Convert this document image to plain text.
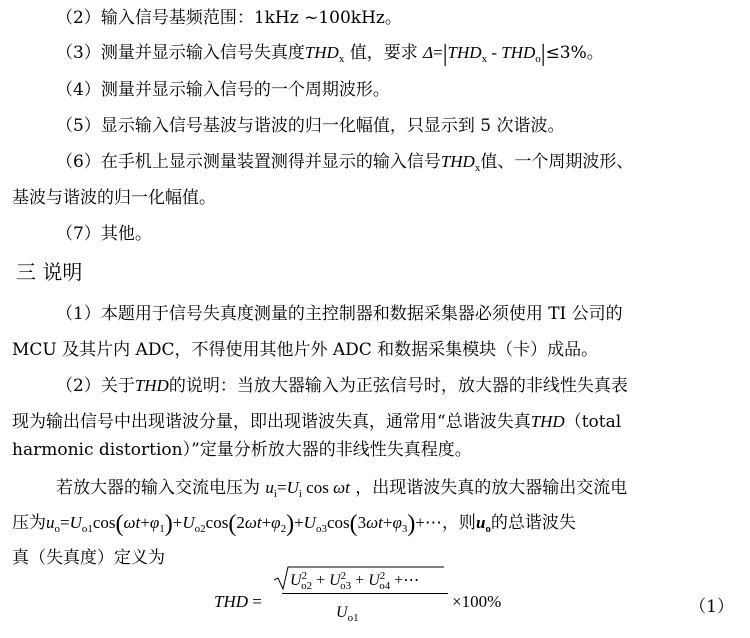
（2）输入信号基频范围：1kHz ~100kHz。
（3）测量并显示输入信号失真度$THD_x$ 值，要求 $\Delta=|THD_x - THD_o|\le 3\%$。
（4）测量并显示输入信号的一个周期波形。
（5）显示输入信号基波与谐波的归一化幅值，只显示到 5 次谐波。
（6）在手机上显示测量装置测得并显示的输入信号$THD_x$值、一个周期波形、
基波与谐波的归一化幅值。
（7）其他。
三 说明
（1）本题用于信号失真度测量的主控制器和数据采集器必须使用 TI 公司的
MCU 及其片内 ADC，不得使用其他片外 ADC 和数据采集模块（卡）成品。
（2）关于THD的说明：当放大器输入为正弦信号时，放大器的非线性失真表
现为输出信号中出现谐波分量，即出现谐波失真，通常用“总谐波失真THD（total
harmonic distortion）”定量分析放大器的非线性失真程度。
若放大器的输入交流电压为 $u_i=U_i$ cos ωt ，出现谐波失真的放大器输出交流电
压为$u_o=U_{o1}\cos(\omega t+\varphi_1)+U_{o2}\cos(2\omega t+\varphi_2)+U_{o3}\cos(3\omega t+\varphi_3)+\cdots$，则$u_o$的总谐波失
真（失真度）定义为
THD =
$U^2_{o2} + U^2_{o3} + U^2_{o4}$ +⋯
$U_{o1}$
×100%	（1）
